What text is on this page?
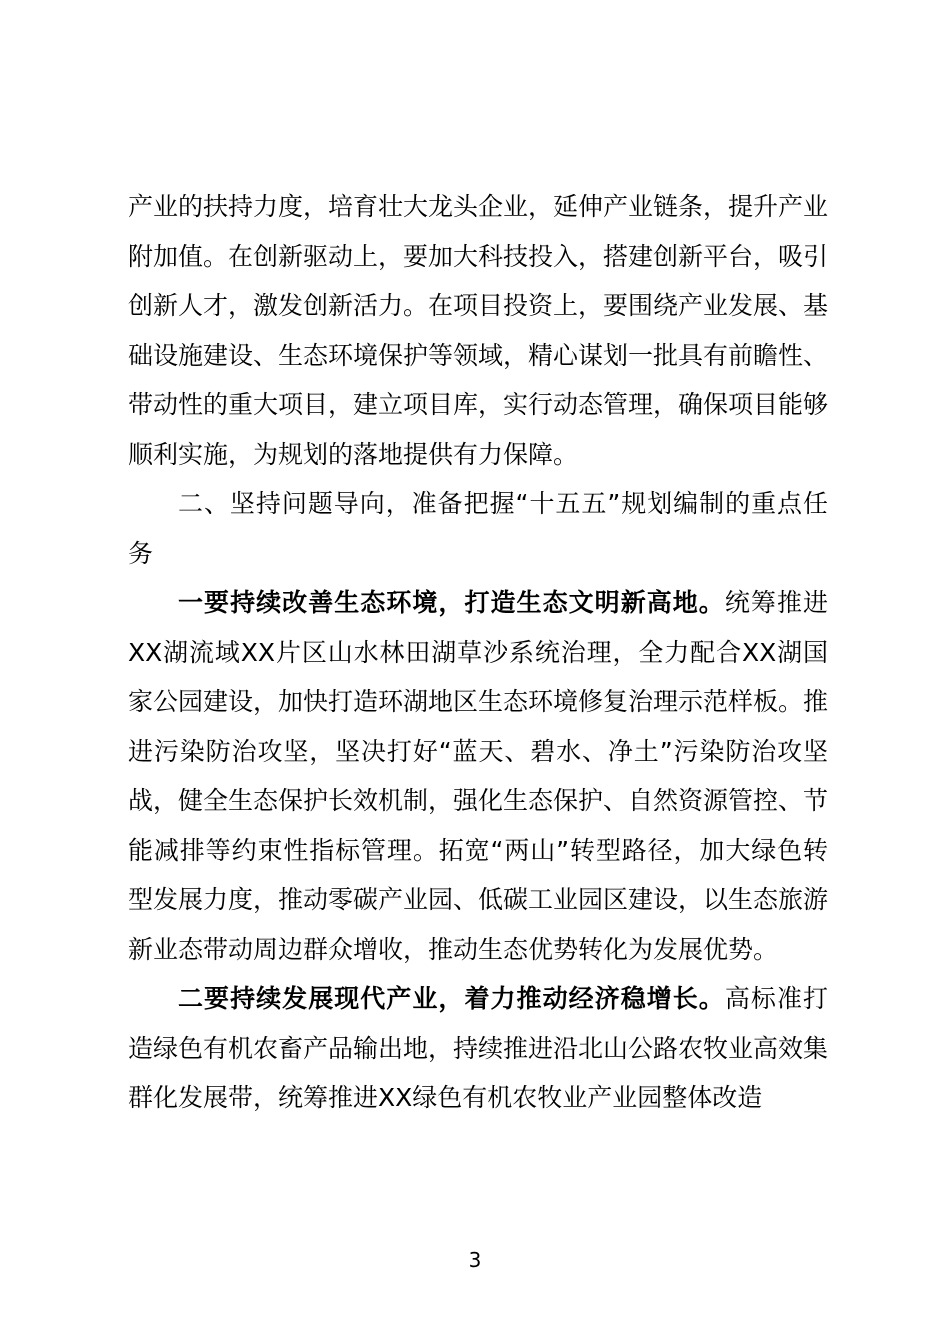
产业的扶持力度，培育壮大龙头企业，延伸产业链条，提升产业附加值。在创新驱动上，要加大科技投入，搭建创新平台，吸引创新人才，激发创新活力。在项目投资上，要围绕产业发展、基础设施建设、生态环境保护等领域，精心谋划一批具有前瞻性、带动性的重大项目，建立项目库，实行动态管理，确保项目能够顺利实施，为规划的落地提供有力保障。

二、坚持问题导向，准备把握“十五五”规划编制的重点任务

一要持续改善生态环境，打造生态文明新高地。统筹推进XX湖流域XX片区山水林田湖草沙系统治理，全力配合XX湖国家公园建设，加快打造环湖地区生态环境修复治理示范样板。推进污染防治攻坚，坚决打好“蓝天、碧水、净土”污染防治攻坚战，健全生态保护长效机制，强化生态保护、自然资源管控、节能减排等约束性指标管理。拓宽“两山”转型路径，加大绿色转型发展力度，推动零碳产业园、低碳工业园区建设，以生态旅游新业态带动周边群众增收，推动生态优势转化为发展优势。

二要持续发展现代产业，着力推动经济稳增长。高标准打造绿色有机农畜产品输出地，持续推进沿北山公路农牧业高效集群化发展带，统筹推进XX绿色有机农牧业产业园整体改造

3
